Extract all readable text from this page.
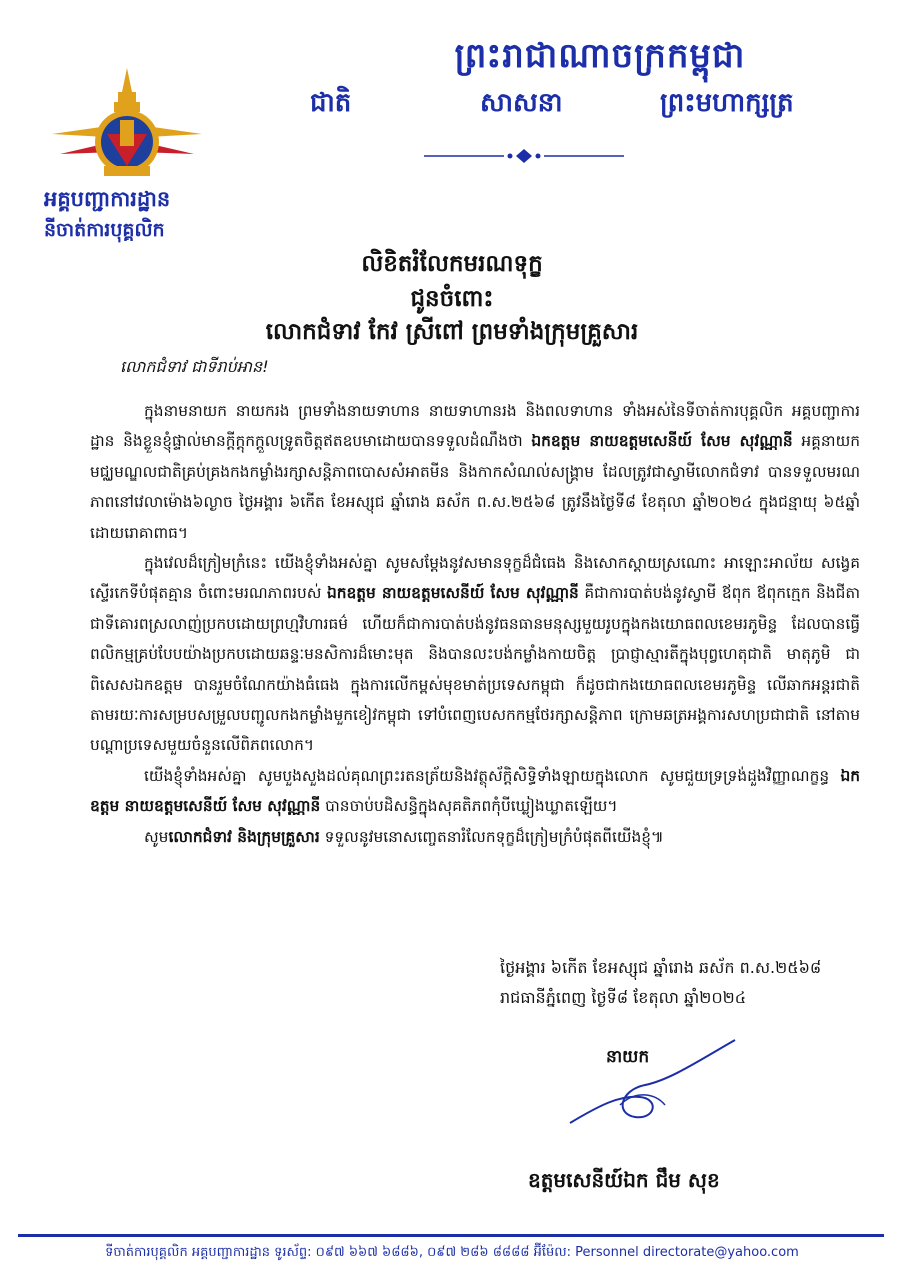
អគ្គបញ្ជាការដ្ឋាន
នីចាត់ការបុគ្គលិក
ព្រះរាជាណាចក្រកម្ពុជា
ជាតិ	សាសនា	ព្រះមហាក្សត្រ
លិខិតរំលែកមរណទុក្ខ
ជូនចំពោះ
លោកជំទាវ កែវ ស្រីពៅ ព្រមទាំងក្រុមគ្រួសារ
លោកជំទាវ ជាទីរាប់អាន!

ក្នុងនាមនាយក នាយករង ព្រមទាំងនាយទាហាន នាយទាហានរង និងពលទាហាន ទាំងអស់នៃទីចាត់ការបុគ្គលិក អគ្គបញ្ជាការដ្ឋាន និងខ្លួនខ្ញុំផ្ទាល់មានក្តីក្តុកក្តួលទ្រូតចិត្តឥតឧបមាដោយបានទទួលដំណឹងថា ឯកឧត្តម នាយឧត្តមសេនីយ៍ សែម សុវណ្ណានី អគ្គនាយក មជ្ឈមណ្ឌលជាតិគ្រប់គ្រងកងកម្លាំងរក្សាសន្តិភាពបោសសំអាតមីន និងកាកសំណល់សង្គ្រាម ដែលត្រូវជាស្វាមីលោកជំទាវ បានទទួលមរណភាពនៅវេលាម៉ោង៦ល្ងាច ថ្ងៃអង្គារ ៦កើត ខែអស្សុជ ឆ្នាំរោង ឆស័ក ព.ស.២៥៦៨ ត្រូវនឹងថ្ងៃទី៨ ខែតុលា ឆ្នាំ២០២៤ ក្នុងជន្មាយុ ៦៥ឆ្នាំ ដោយរោគាពាធ។

ក្នុងវេលដ៏ក្រៀមក្រំនេះ យើងខ្ញុំទាំងអស់គ្នា សូមសម្តែងនូវសមានទុក្ខដ៏ជំធេង និងសោកស្តាយស្រណោះ អាឡោះអាល័យ សង្វេគស្ទើរកេទីបំផុតគ្មាន ចំពោះមរណភាពរបស់ ឯកឧត្តម នាយឧត្តមសេនីយ៍ សែម សុវណ្ណានី គឺជាការបាត់បង់នូវស្វាមី ឪពុក ឪពុកក្មេក និងជីតាជាទីគោរពស្រលាញ់ប្រកបដោយព្រហ្មវិហារធម៌ ហើយក៏ជាការបាត់បង់នូវធនធានមនុស្សមួយរូបក្នុងកងយោធពលខេមរភូមិន្ទ ដែលបានធ្វើពលិកម្មគ្រប់បែបយ៉ាងប្រកបដោយឆន្ទៈមនសិការដ៏មោះមុត និងបានលះបង់កម្លាំងកាយចិត្ត ប្រាជ្ញាស្មារតីក្នុងបុព្វហេតុជាតិ មាតុភូមិ ជាពិសេសឯកឧត្តម បានរួមចំណែកយ៉ាងធំធេង ក្នុងការលើកម្ពស់មុខមាត់ប្រទេសកម្ពុជា ក៏ដូចជាកងយោធពលខេមរភូមិន្ទ លើឆាកអន្តរជាតិ តាមរយៈការសម្របសម្រួលបញ្ជូលកងកម្លាំងមួកខៀវកម្ពុជា ទៅបំពេញបេសកកម្មថែរក្សាសន្តិភាព ក្រោមឆត្រអង្គការសហប្រជាជាតិ នៅតាមបណ្តាប្រទេសមួយចំនួនលើពិភពលោក។

យើងខ្ញុំទាំងអស់គ្នា សូមបួងសួងដល់គុណព្រះរតនត្រ័យនិងវត្ថុស័ក្តិសិទ្ធិទាំងឡាយក្នុងលោក សូមជួយទ្រទ្រង់ដួងវិញ្ញាណក្ខន្ធ ឯកឧត្តម នាយឧត្តមសេនីយ៍ សែម សុវណ្ណានី បានចាប់បដិសន្ធិក្នុងសុគតិភពកុំបីឃ្លៀងឃ្លាតឡើយ។

សូមលោកជំទាវ និងក្រុមគ្រួសារ ទទួលនូវមនោសញ្ចេតនារំលែកទុក្ខដ៏ក្រៀមក្រំបំផុតពីយើងខ្ញុំ៕

ថ្ងៃអង្គារ ៦កើត ខែអស្សុជ ឆ្នាំរោង ឆស័ក ព.ស.២៥៦៨
រាជធានីភ្នំពេញ ថ្ងៃទី៨ ខែតុលា ឆ្នាំ២០២៤
នាយក
ឧត្តមសេនីយ៍ឯក ជឹម សុខ
ទីចាត់ការបុគ្គលិក អគ្គបញ្ជាការដ្ឋាន ទូរស័ព្ទ: ០៩៧ ៦៦៧ ៦៨៨៦, ០៩៧ ២៨៦ ៨៨៨៨ អ៊ីម៉ែល: Personnel directorate@yahoo.com
